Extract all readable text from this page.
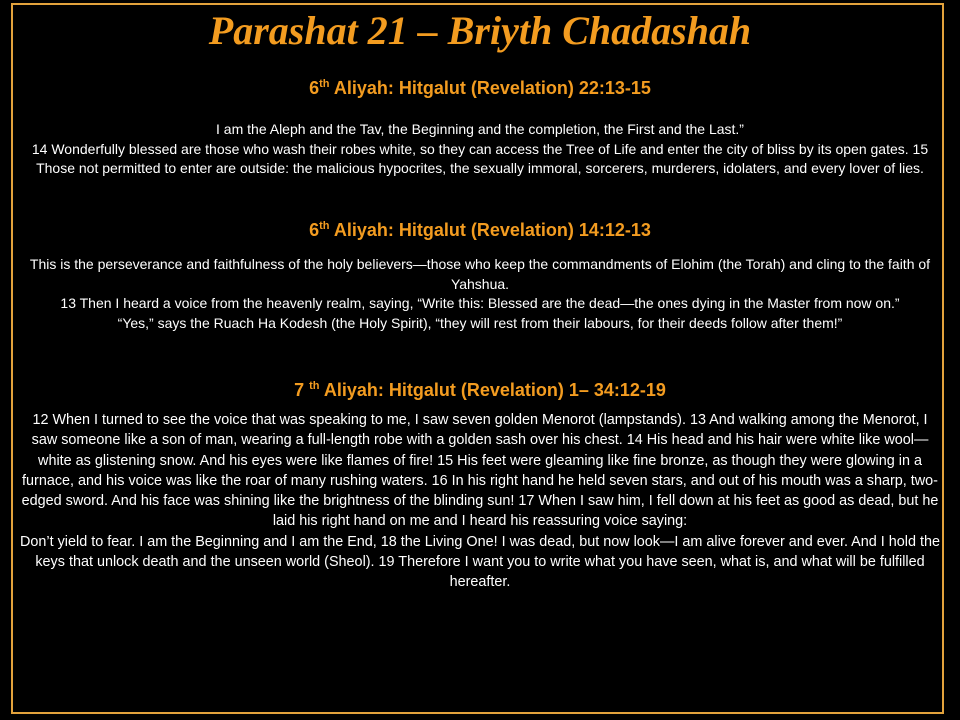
Parashat 21 – Briyth Chadashah
6th Aliyah: Hitgalut (Revelation) 22:13-15

I am the Aleph and the Tav, the Beginning and the completion, the First and the Last.”
14 Wonderfully blessed are those who wash their robes white, so they can access the Tree of Life and enter the city of bliss by its open gates. 15 Those not permitted to enter are outside: the malicious hypocrites, the sexually immoral, sorcerers, murderers, idolaters, and every lover of lies.

6th Aliyah: Hitgalut (Revelation) 14:12-13

This is the perseverance and faithfulness of the holy believers—those who keep the commandments of Elohim (the Torah) and cling to the faith of Yahshua.
13 Then I heard a voice from the heavenly realm, saying, “Write this: Blessed are the dead—the ones dying in the Master from now on.”
“Yes,” says the Ruach Ha Kodesh (the Holy Spirit), “they will rest from their labours, for their deeds follow after them!”

7 $^{th}$ Aliyah: Hitgalut (Revelation) 1– 34:12-19

12 When I turned to see the voice that was speaking to me, I saw seven golden Menorot (lampstands). 13 And walking among the Menorot, I saw someone like a son of man, wearing a full-length robe with a golden sash over his chest. 14 His head and his hair were white like wool—white as glistening snow. And his eyes were like flames of fire! 15 His feet were gleaming like fine bronze, as though they were glowing in a furnace, and his voice was like the roar of many rushing waters. 16 In his right hand he held seven stars, and out of his mouth was a sharp, two-edged sword. And his face was shining like the brightness of the blinding sun! 17 When I saw him, I fell down at his feet as good as dead, but he laid his right hand on me and I heard his reassuring voice saying:
Don’t yield to fear. I am the Beginning and I am the End, 18 the Living One! I was dead, but now look—I am alive forever and ever. And I hold the keys that unlock death and the unseen world (Sheol). 19 Therefore I want you to write what you have seen, what is, and what will be fulfilled hereafter.
